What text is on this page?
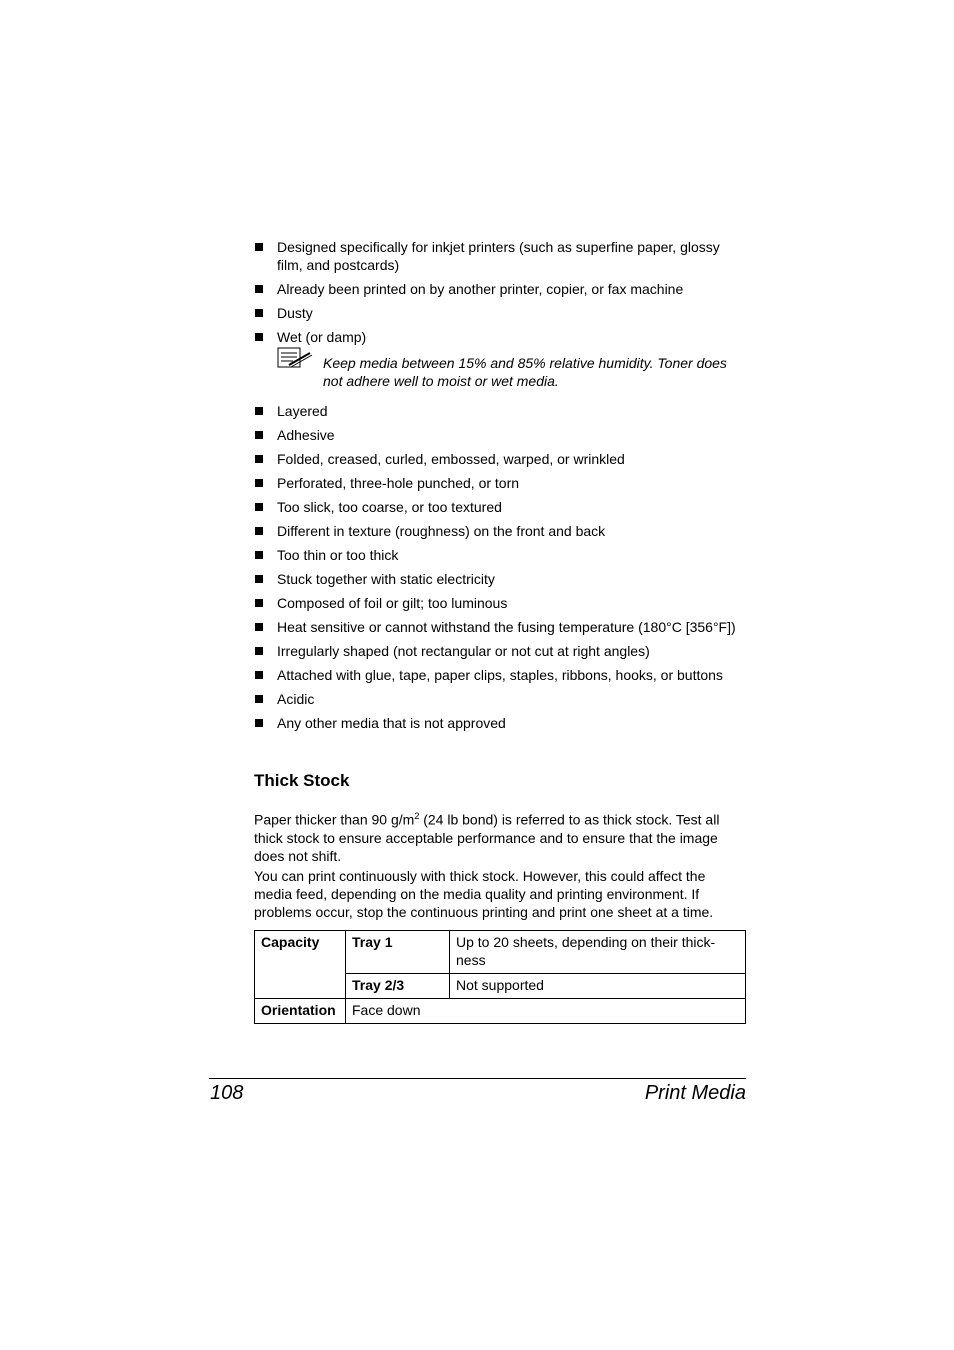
Designed specifically for inkjet printers (such as superfine paper, glossy film, and postcards)
Already been printed on by another printer, copier, or fax machine
Dusty
Wet (or damp)
Keep media between 15% and 85% relative humidity. Toner does not adhere well to moist or wet media.
Layered
Adhesive
Folded, creased, curled, embossed, warped, or wrinkled
Perforated, three-hole punched, or torn
Too slick, too coarse, or too textured
Different in texture (roughness) on the front and back
Too thin or too thick
Stuck together with static electricity
Composed of foil or gilt; too luminous
Heat sensitive or cannot withstand the fusing temperature (180°C [356°F])
Irregularly shaped (not rectangular or not cut at right angles)
Attached with glue, tape, paper clips, staples, ribbons, hooks, or buttons
Acidic
Any other media that is not approved
Thick Stock

Paper thicker than 90 $g/m^2$ (24 lb bond) is referred to as thick stock. Test all thick stock to ensure acceptable performance and to ensure that the image does not shift.

You can print continuously with thick stock. However, this could affect the media feed, depending on the media quality and printing environment. If problems occur, stop the continuous printing and print one sheet at a time.

Capacity	Tray 1	Up to 20 sheets, depending on their thick-ness
	Tray 2/3	Not supported
Orientation	Face down	
108	Print Media
